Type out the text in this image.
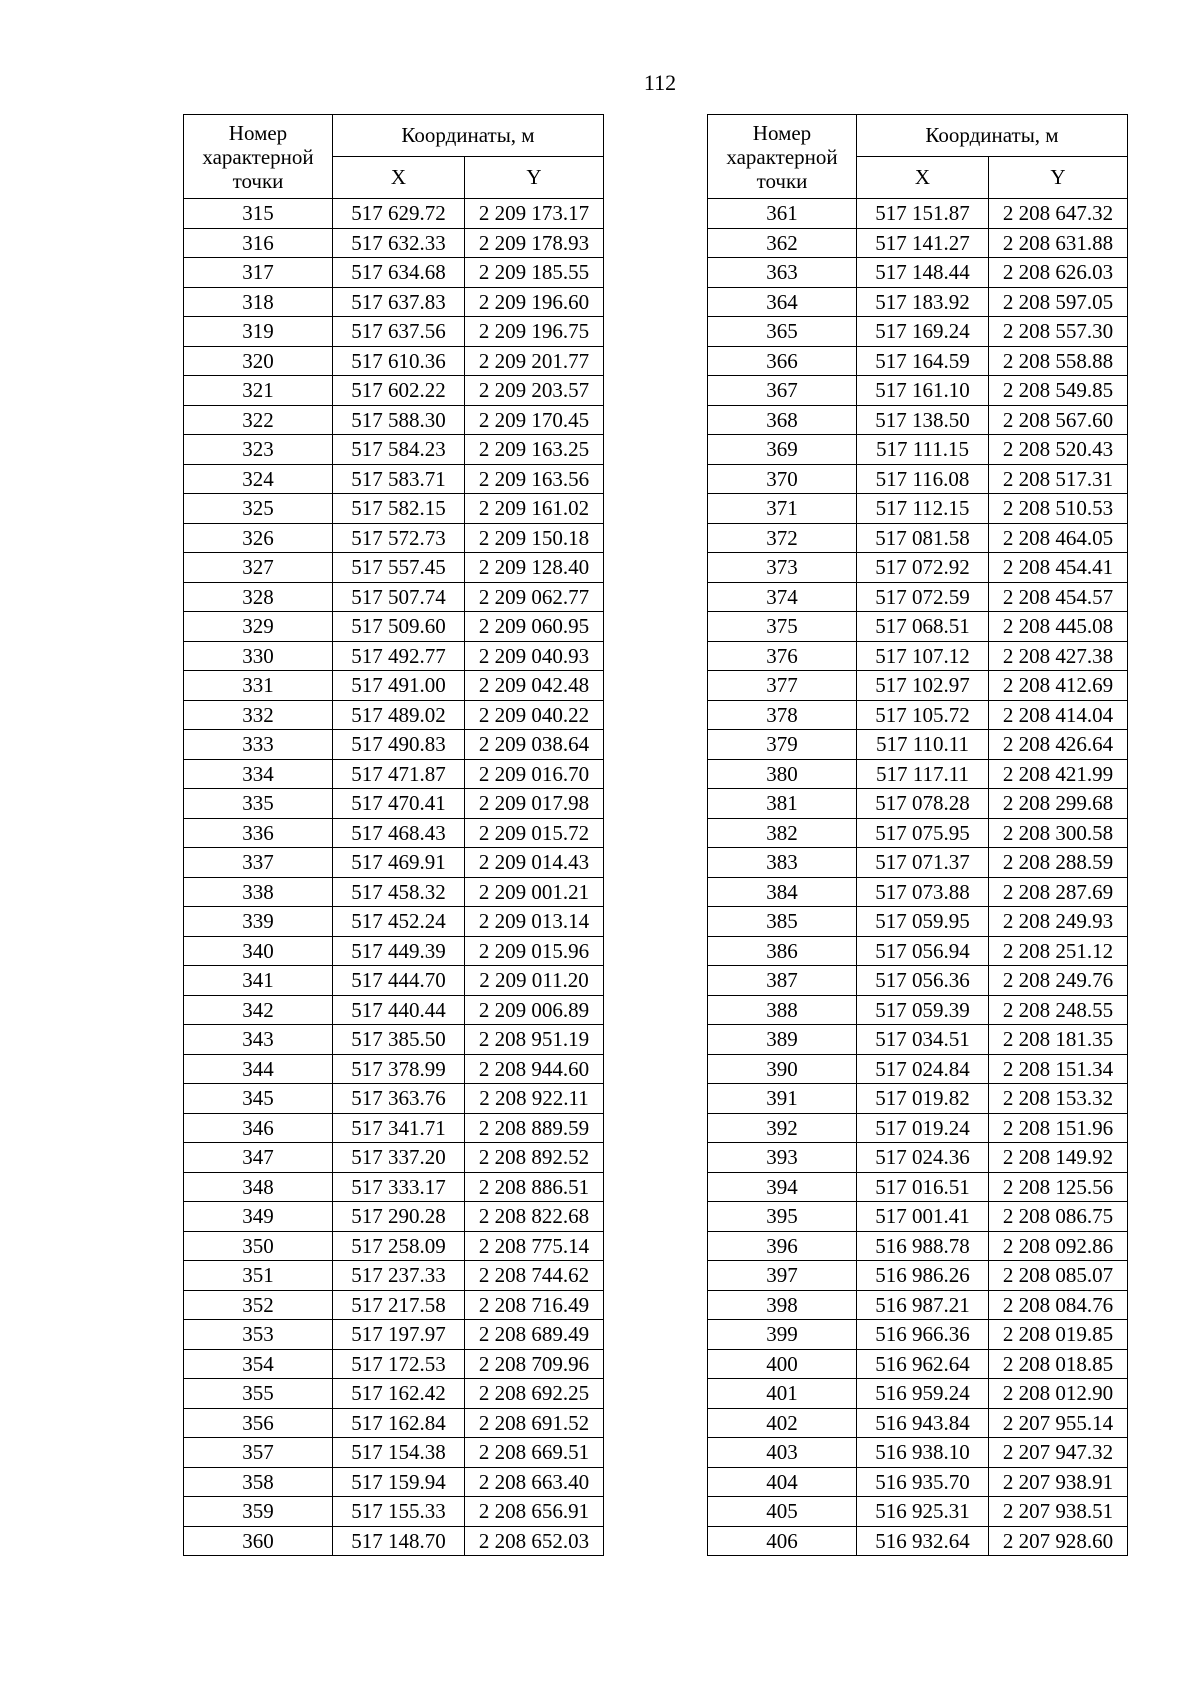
112
Номер
характерной
точки	Координаты, м	
	X	Y
315	517 629.72	2 209 173.17
316	517 632.33	2 209 178.93
317	517 634.68	2 209 185.55
318	517 637.83	2 209 196.60
319	517 637.56	2 209 196.75
320	517 610.36	2 209 201.77
321	517 602.22	2 209 203.57
322	517 588.30	2 209 170.45
323	517 584.23	2 209 163.25
324	517 583.71	2 209 163.56
325	517 582.15	2 209 161.02
326	517 572.73	2 209 150.18
327	517 557.45	2 209 128.40
328	517 507.74	2 209 062.77
329	517 509.60	2 209 060.95
330	517 492.77	2 209 040.93
331	517 491.00	2 209 042.48
332	517 489.02	2 209 040.22
333	517 490.83	2 209 038.64
334	517 471.87	2 209 016.70
335	517 470.41	2 209 017.98
336	517 468.43	2 209 015.72
337	517 469.91	2 209 014.43
338	517 458.32	2 209 001.21
339	517 452.24	2 209 013.14
340	517 449.39	2 209 015.96
341	517 444.70	2 209 011.20
342	517 440.44	2 209 006.89
343	517 385.50	2 208 951.19
344	517 378.99	2 208 944.60
345	517 363.76	2 208 922.11
346	517 341.71	2 208 889.59
347	517 337.20	2 208 892.52
348	517 333.17	2 208 886.51
349	517 290.28	2 208 822.68
350	517 258.09	2 208 775.14
351	517 237.33	2 208 744.62
352	517 217.58	2 208 716.49
353	517 197.97	2 208 689.49
354	517 172.53	2 208 709.96
355	517 162.42	2 208 692.25
356	517 162.84	2 208 691.52
357	517 154.38	2 208 669.51
358	517 159.94	2 208 663.40
359	517 155.33	2 208 656.91
360	517 148.70	2 208 652.03
Номер
характерной
точки	Координаты, м	
	X	Y
361	517 151.87	2 208 647.32
362	517 141.27	2 208 631.88
363	517 148.44	2 208 626.03
364	517 183.92	2 208 597.05
365	517 169.24	2 208 557.30
366	517 164.59	2 208 558.88
367	517 161.10	2 208 549.85
368	517 138.50	2 208 567.60
369	517 111.15	2 208 520.43
370	517 116.08	2 208 517.31
371	517 112.15	2 208 510.53
372	517 081.58	2 208 464.05
373	517 072.92	2 208 454.41
374	517 072.59	2 208 454.57
375	517 068.51	2 208 445.08
376	517 107.12	2 208 427.38
377	517 102.97	2 208 412.69
378	517 105.72	2 208 414.04
379	517 110.11	2 208 426.64
380	517 117.11	2 208 421.99
381	517 078.28	2 208 299.68
382	517 075.95	2 208 300.58
383	517 071.37	2 208 288.59
384	517 073.88	2 208 287.69
385	517 059.95	2 208 249.93
386	517 056.94	2 208 251.12
387	517 056.36	2 208 249.76
388	517 059.39	2 208 248.55
389	517 034.51	2 208 181.35
390	517 024.84	2 208 151.34
391	517 019.82	2 208 153.32
392	517 019.24	2 208 151.96
393	517 024.36	2 208 149.92
394	517 016.51	2 208 125.56
395	517 001.41	2 208 086.75
396	516 988.78	2 208 092.86
397	516 986.26	2 208 085.07
398	516 987.21	2 208 084.76
399	516 966.36	2 208 019.85
400	516 962.64	2 208 018.85
401	516 959.24	2 208 012.90
402	516 943.84	2 207 955.14
403	516 938.10	2 207 947.32
404	516 935.70	2 207 938.91
405	516 925.31	2 207 938.51
406	516 932.64	2 207 928.60
